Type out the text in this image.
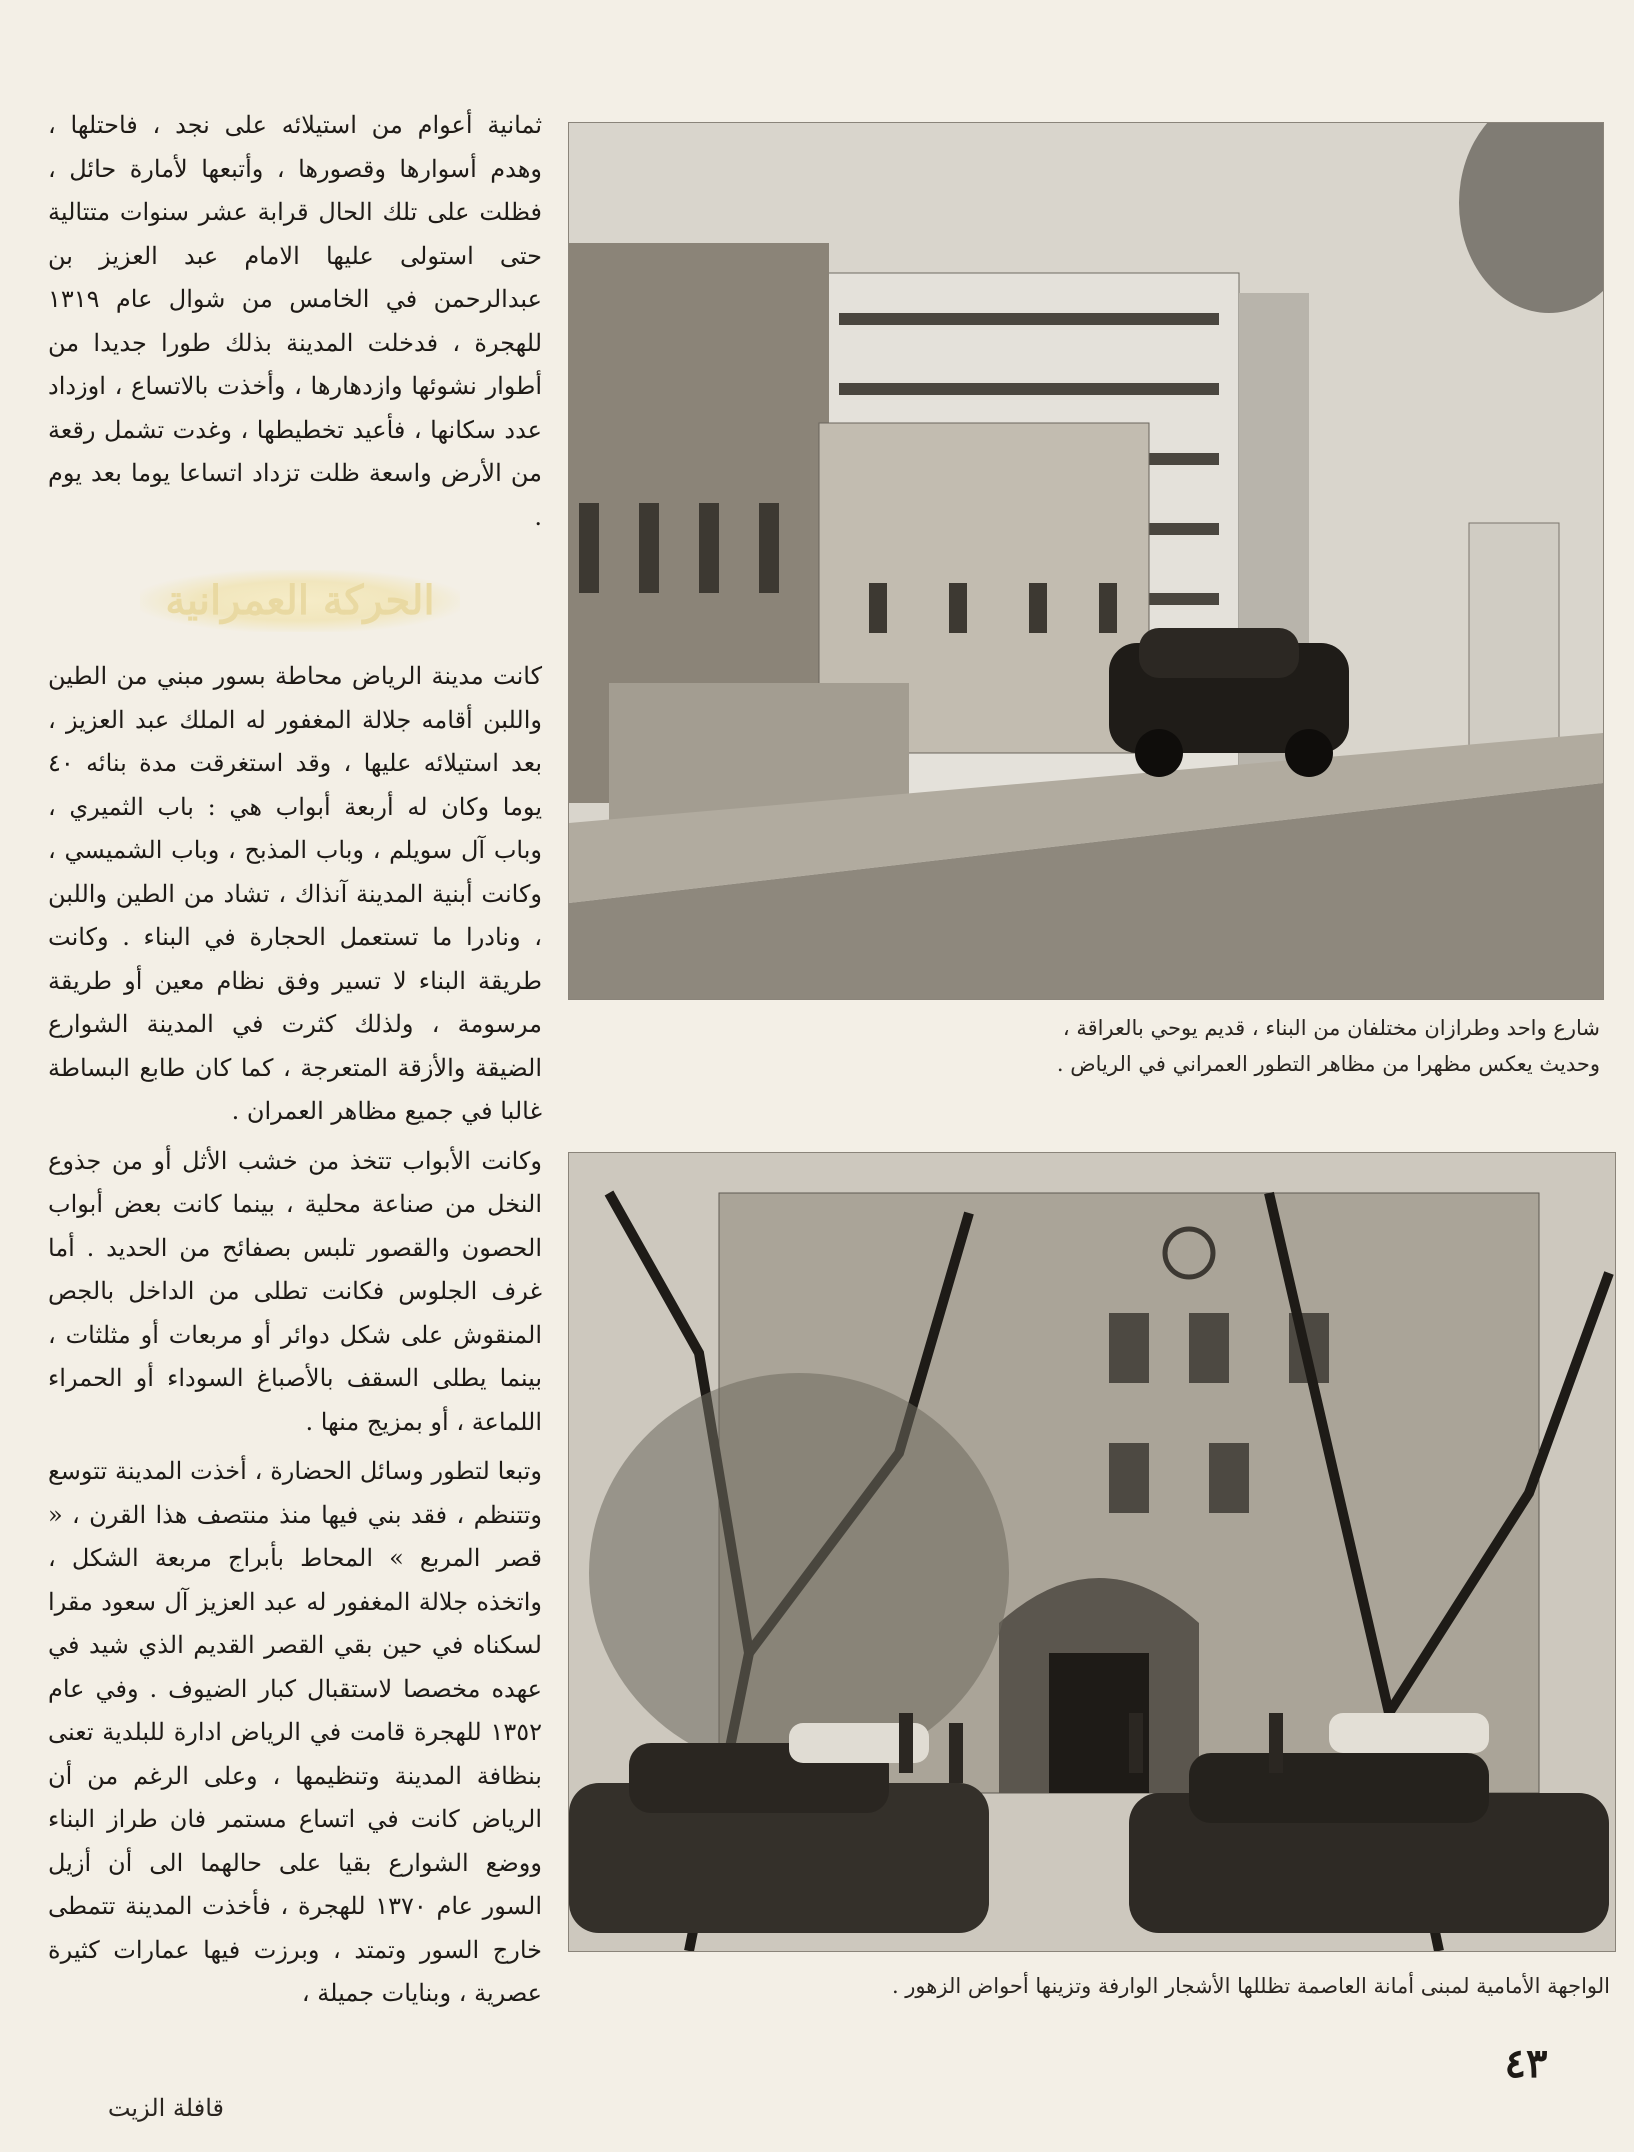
ثمانية أعوام من استيلائه على نجد ، فاحتلها ، وهدم أسوارها وقصورها ، وأتبعها لأمارة حائل ، فظلت على تلك الحال قرابة عشر سنوات متتالية حتى استولى عليها الامام عبد العزيز بن عبدالرحمن في الخامس من شوال عام ١٣١٩ للهجرة ، فدخلت المدينة بذلك طورا جديدا من أطوار نشوئها وازدهارها ، وأخذت بالاتساع ، اوزداد عدد سكانها ، فأعيد تخطيطها ، وغدت تشمل رقعة من الأرض واسعة ظلت تزداد اتساعا يوما بعد يوم .

الحركة العمرانية

كانت مدينة الرياض محاطة بسور مبني من الطين واللبن أقامه جلالة المغفور له الملك عبد العزيز ، بعد استيلائه عليها ، وقد استغرقت مدة بنائه ٤٠ يوما وكان له أربعة أبواب هي : باب الثميري ، وباب آل سويلم ، وباب المذبح ، وباب الشميسي ، وكانت أبنية المدينة آنذاك ، تشاد من الطين واللبن ، ونادرا ما تستعمل الحجارة في البناء . وكانت طريقة البناء لا تسير وفق نظام معين أو طريقة مرسومة ، ولذلك كثرت في المدينة الشوارع الضيقة والأزقة المتعرجة ، كما كان طابع البساطة غالبا في جميع مظاهر العمران .

وكانت الأبواب تتخذ من خشب الأثل أو من جذوع النخل من صناعة محلية ، بينما كانت بعض أبواب الحصون والقصور تلبس بصفائح من الحديد . أما غرف الجلوس فكانت تطلى من الداخل بالجص المنقوش على شكل دوائر أو مربعات أو مثلثات ، بينما يطلى السقف بالأصباغ السوداء أو الحمراء اللماعة ، أو بمزيج منها .

وتبعا لتطور وسائل الحضارة ، أخذت المدينة تتوسع وتتنظم ، فقد بني فيها منذ منتصف هذا القرن ، « قصر المربع » المحاط بأبراج مربعة الشكل ، واتخذه جلالة المغفور له عبد العزيز آل سعود مقرا لسكناه في حين بقي القصر القديم الذي شيد في عهده مخصصا لاستقبال كبار الضيوف . وفي عام ١٣٥٢ للهجرة قامت في الرياض ادارة للبلدية تعنى بنظافة المدينة وتنظيمها ، وعلى الرغم من أن الرياض كانت في اتساع مستمر فان طراز البناء ووضع الشوارع بقيا على حالهما الى أن أزيل السور عام ١٣٧٠ للهجرة ، فأخذت المدينة تتمطى خارج السور وتمتد ، وبرزت فيها عمارات كثيرة عصرية ، وبنايات جميلة ،

شارع واحد وطرازان مختلفان من البناء ، قديم يوحي بالعراقة ، وحديث يعكس مظهرا من مظاهر التطور العمراني في الرياض .
الواجهة الأمامية لمبنى أمانة العاصمة تظللها الأشجار الوارفة وتزينها أحواض الزهور .
٤٣
قافلة الزيت
